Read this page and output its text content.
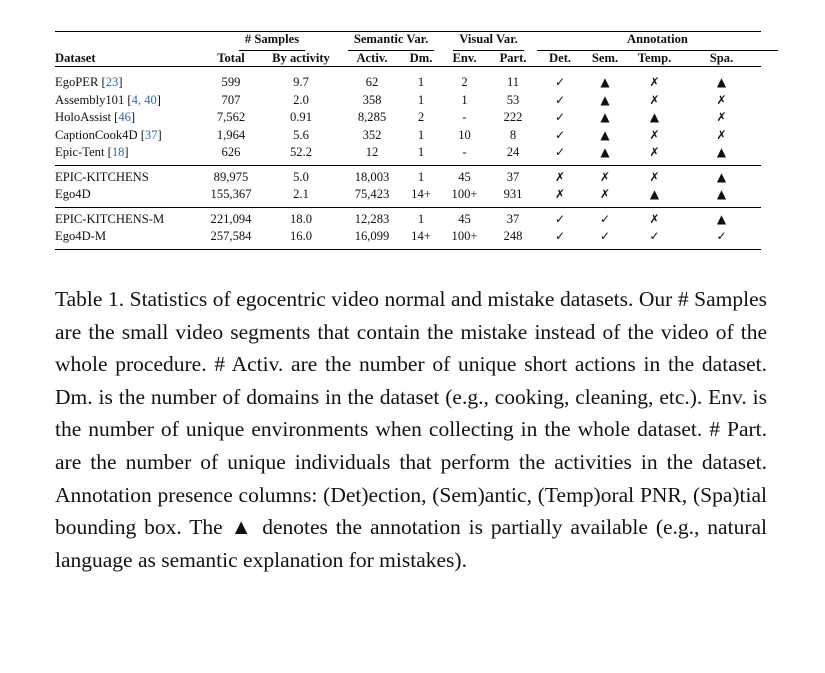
	# Samples		Semantic Var.		Visual Var.		Annotation			
Dataset	Total	By activity	Activ.	Dm.	Env.	Part.	Det.	Sem.	Temp.	Spa.
EgoPER [23]	599	9.7	62	1	2	11	✓	▲	✗	▲
Assembly101 [4, 40]	707	2.0	358	1	1	53	✓	▲	✗	✗
HoloAssist [46]	7,562	0.91	8,285	2	-	222	✓	▲	▲	✗
CaptionCook4D [37]	1,964	5.6	352	1	10	8	✓	▲	✗	✗
Epic-Tent [18]	626	52.2	12	1	-	24	✓	▲	✗	▲
EPIC-KITCHENS	89,975	5.0	18,003	1	45	37	✗	✗	✗	▲
Ego4D	155,367	2.1	75,423	14+	100+	931	✗	✗	▲	▲
EPIC-KITCHENS-M	221,094	18.0	12,283	1	45	37	✓	✓	✗	▲
Ego4D-M	257,584	16.0	16,099	14+	100+	248	✓	✓	✓	✓

Table 1. Statistics of egocentric video normal and mistake datasets. Our # Samples are the small video segments that contain the mistake instead of the video of the whole procedure. # Activ. are the number of unique short actions in the dataset. Dm. is the number of domains in the dataset (e.g., cooking, cleaning, etc.). Env. is the number of unique environments when collecting in the whole dataset. # Part. are the number of unique individuals that perform the activities in the dataset. Annotation presence columns: (Det)ection, (Sem)antic, (Temp)oral PNR, (Spa)tial bounding box. The ▲ denotes the annotation is partially available (e.g., natural language as semantic explanation for mistakes).
